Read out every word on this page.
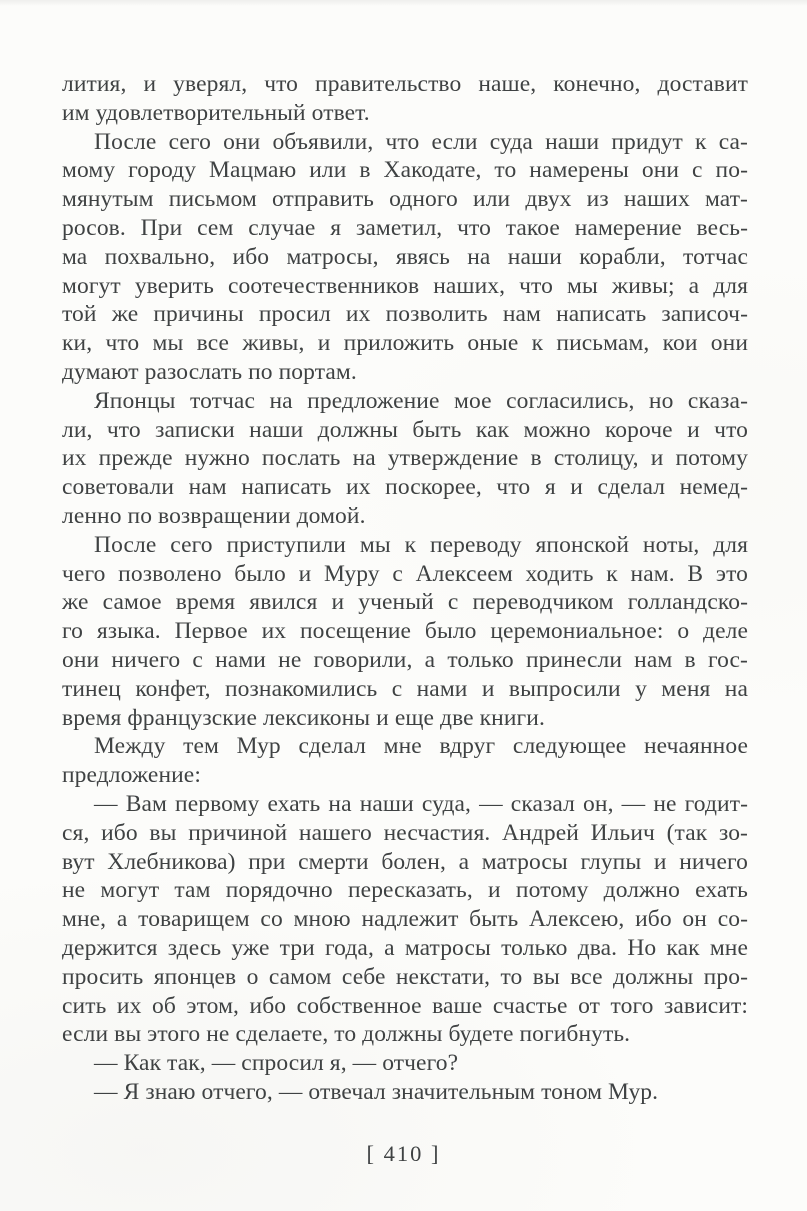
лития, и уверял, что правительство наше, конечно, доставит
им удовлетворительный ответ.
После сего они объявили, что если суда наши придут к са-
мому городу Мацмаю или в Хакодате, то намерены они с по-
мянутым письмом отправить одного или двух из наших мат-
росов. При сем случае я заметил, что такое намерение весь-
ма похвально, ибо матросы, явясь на наши корабли, тотчас
могут уверить соотечественников наших, что мы живы; а для
той же причины просил их позволить нам написать записоч-
ки, что мы все живы, и приложить оные к письмам, кои они
думают разослать по портам.
Японцы тотчас на предложение мое согласились, но сказа-
ли, что записки наши должны быть как можно короче и что
их прежде нужно послать на утверждение в столицу, и потому
советовали нам написать их поскорее, что я и сделал немед-
ленно по возвращении домой.
После сего приступили мы к переводу японской ноты, для
чего позволено было и Муру с Алексеем ходить к нам. В это
же самое время явился и ученый с переводчиком голландско-
го языка. Первое их посещение было церемониальное: о деле
они ничего с нами не говорили, а только принесли нам в гос-
тинец конфет, познакомились с нами и выпросили у меня на
время французские лексиконы и еще две книги.
Между тем Мур сделал мне вдруг следующее нечаянное
предложение:
— Вам первому ехать на наши суда, — сказал он, — не годит-
ся, ибо вы причиной нашего несчастия. Андрей Ильич (так зо-
вут Хлебникова) при смерти болен, а матросы глупы и ничего
не могут там порядочно пересказать, и потому должно ехать
мне, а товарищем со мною надлежит быть Алексею, ибо он со-
держится здесь уже три года, а матросы только два. Но как мне
просить японцев о самом себе некстати, то вы все должны про-
сить их об этом, ибо собственное ваше счастье от того зависит:
если вы этого не сделаете, то должны будете погибнуть.
— Как так, — спросил я, — отчего?
— Я знаю отчего, — отвечал значительным тоном Мур.
[ 410 ]
